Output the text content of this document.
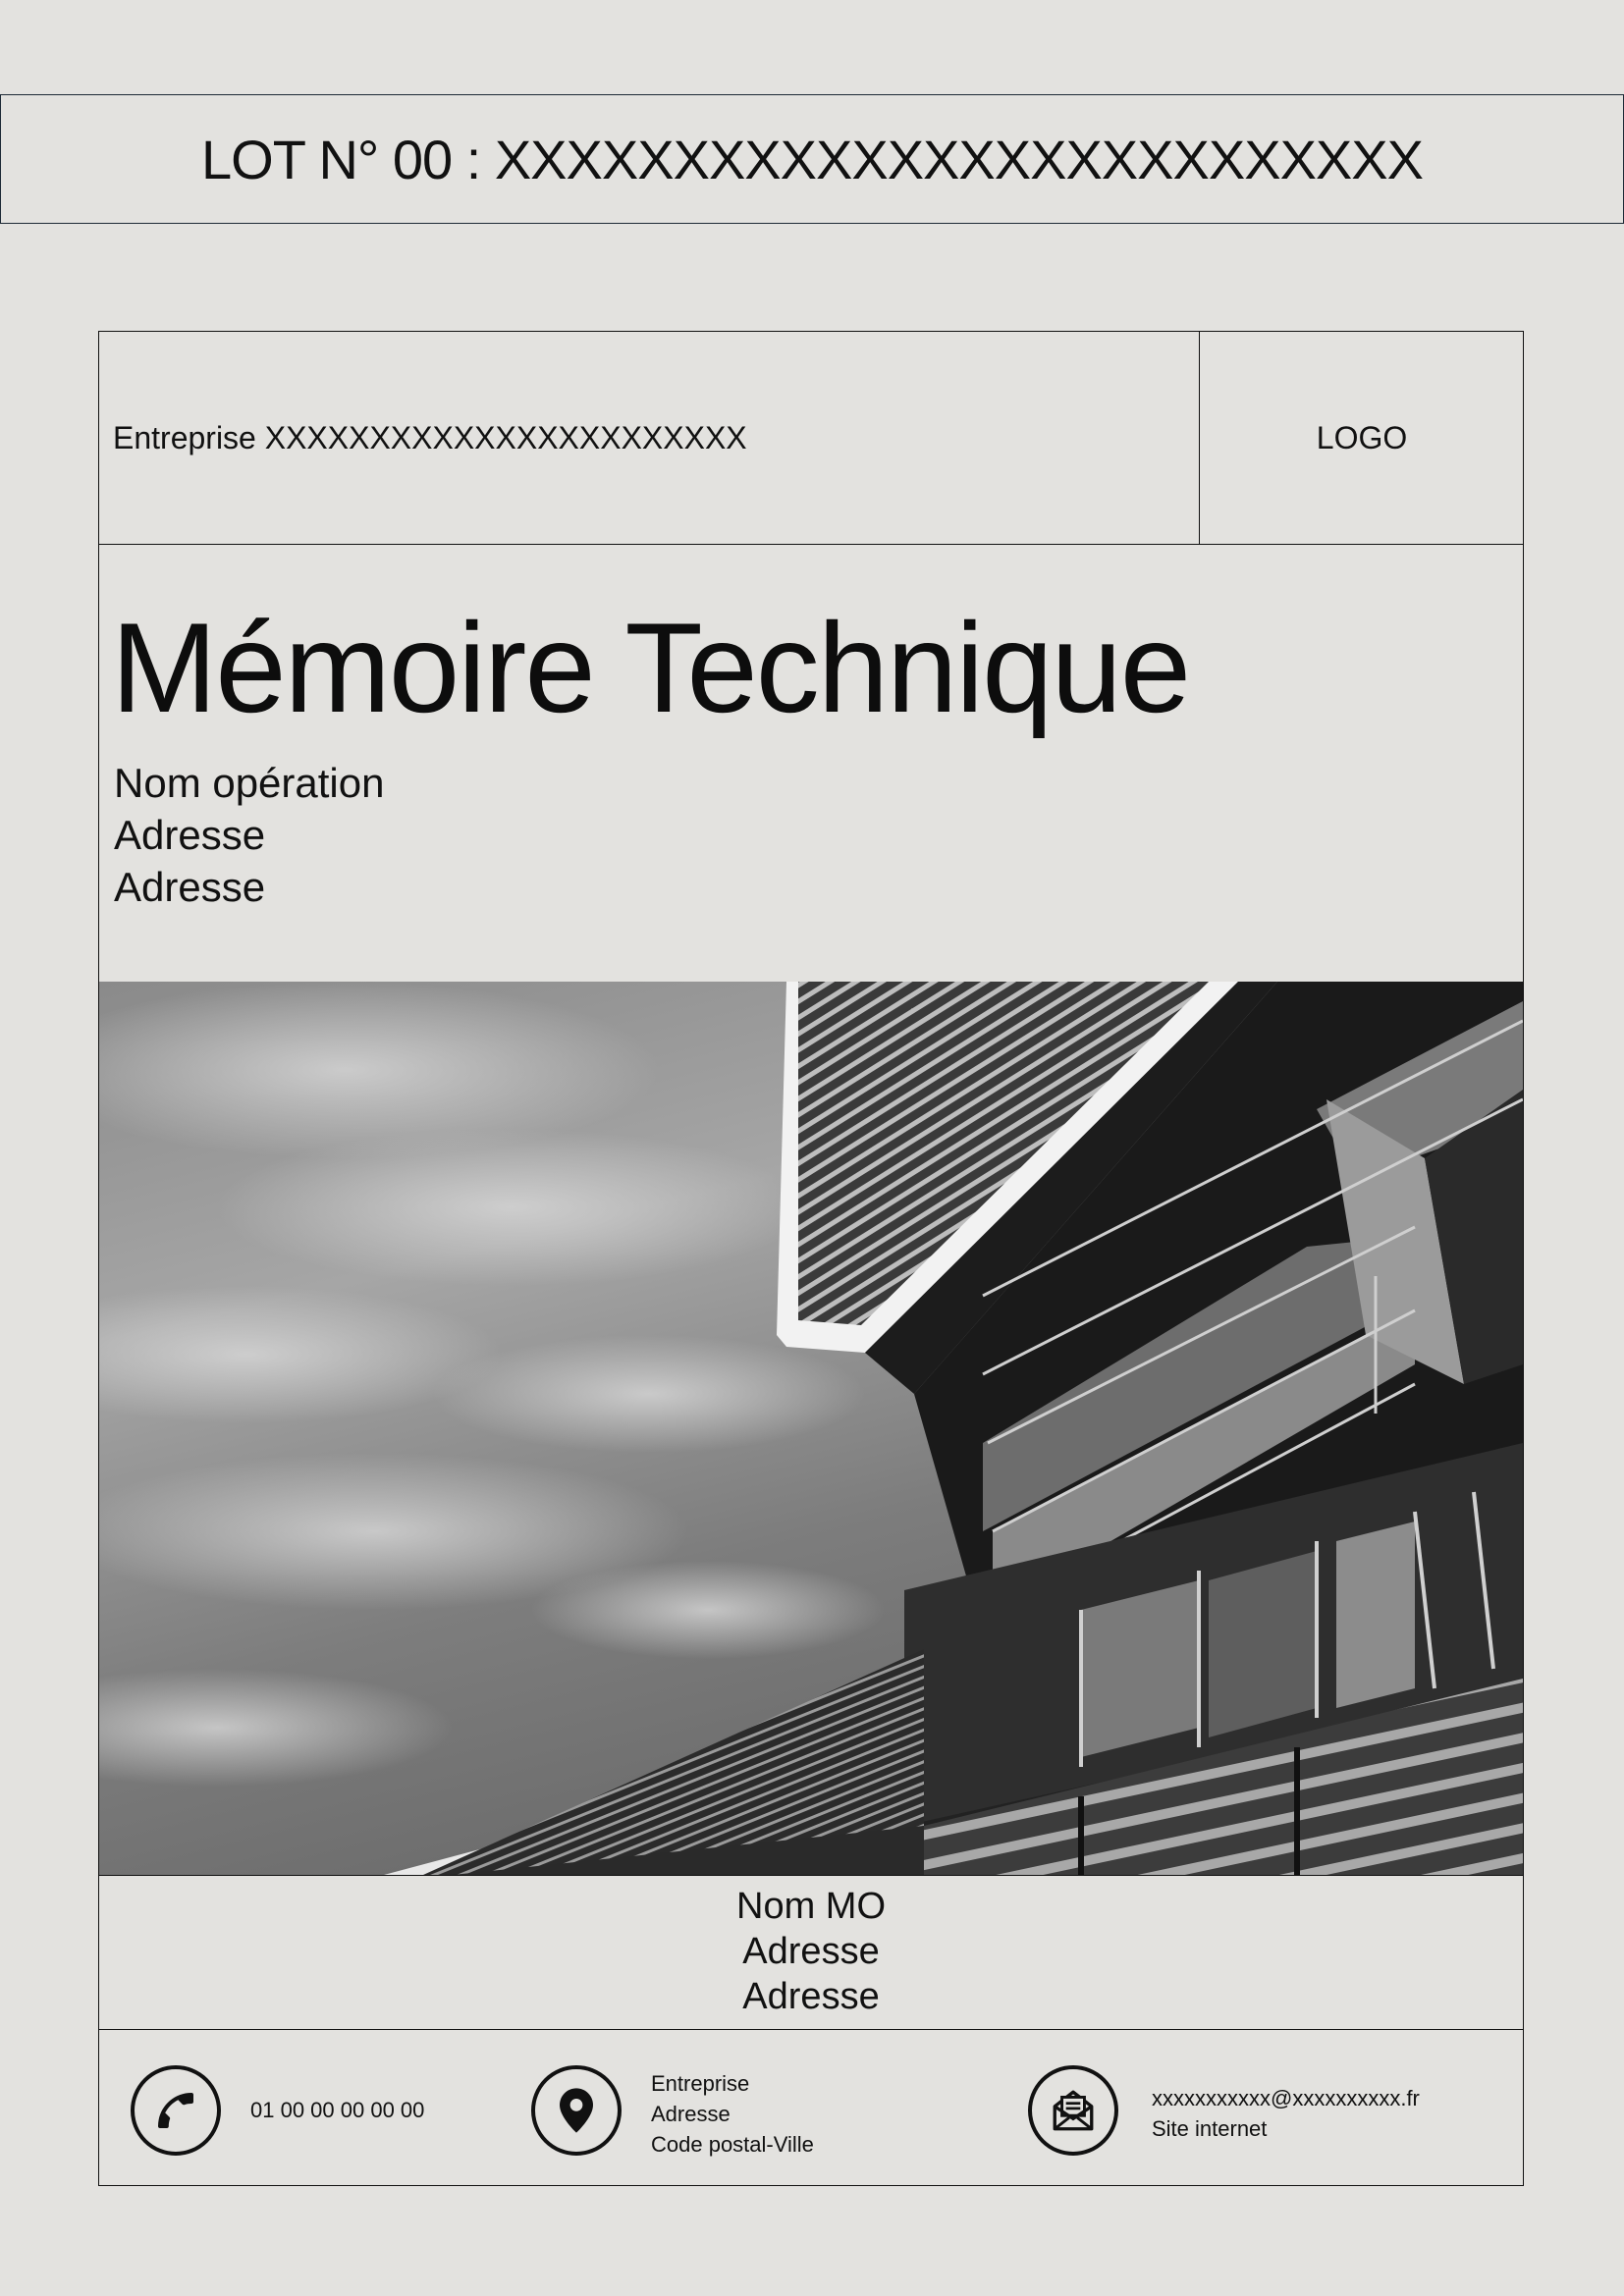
LOT N° 00 : XXXXXXXXXXXXXXXXXXXXXXXXXX
Entreprise XXXXXXXXXXXXXXXXXXXXXXX	LOGO
Mémoire Technique
Nom opération
Adresse
Adresse
Nom MO
Adresse
Adresse
01 00 00 00 00 00
Entreprise
Adresse
Code postal-Ville
xxxxxxxxxxx@xxxxxxxxxx.fr
Site internet
